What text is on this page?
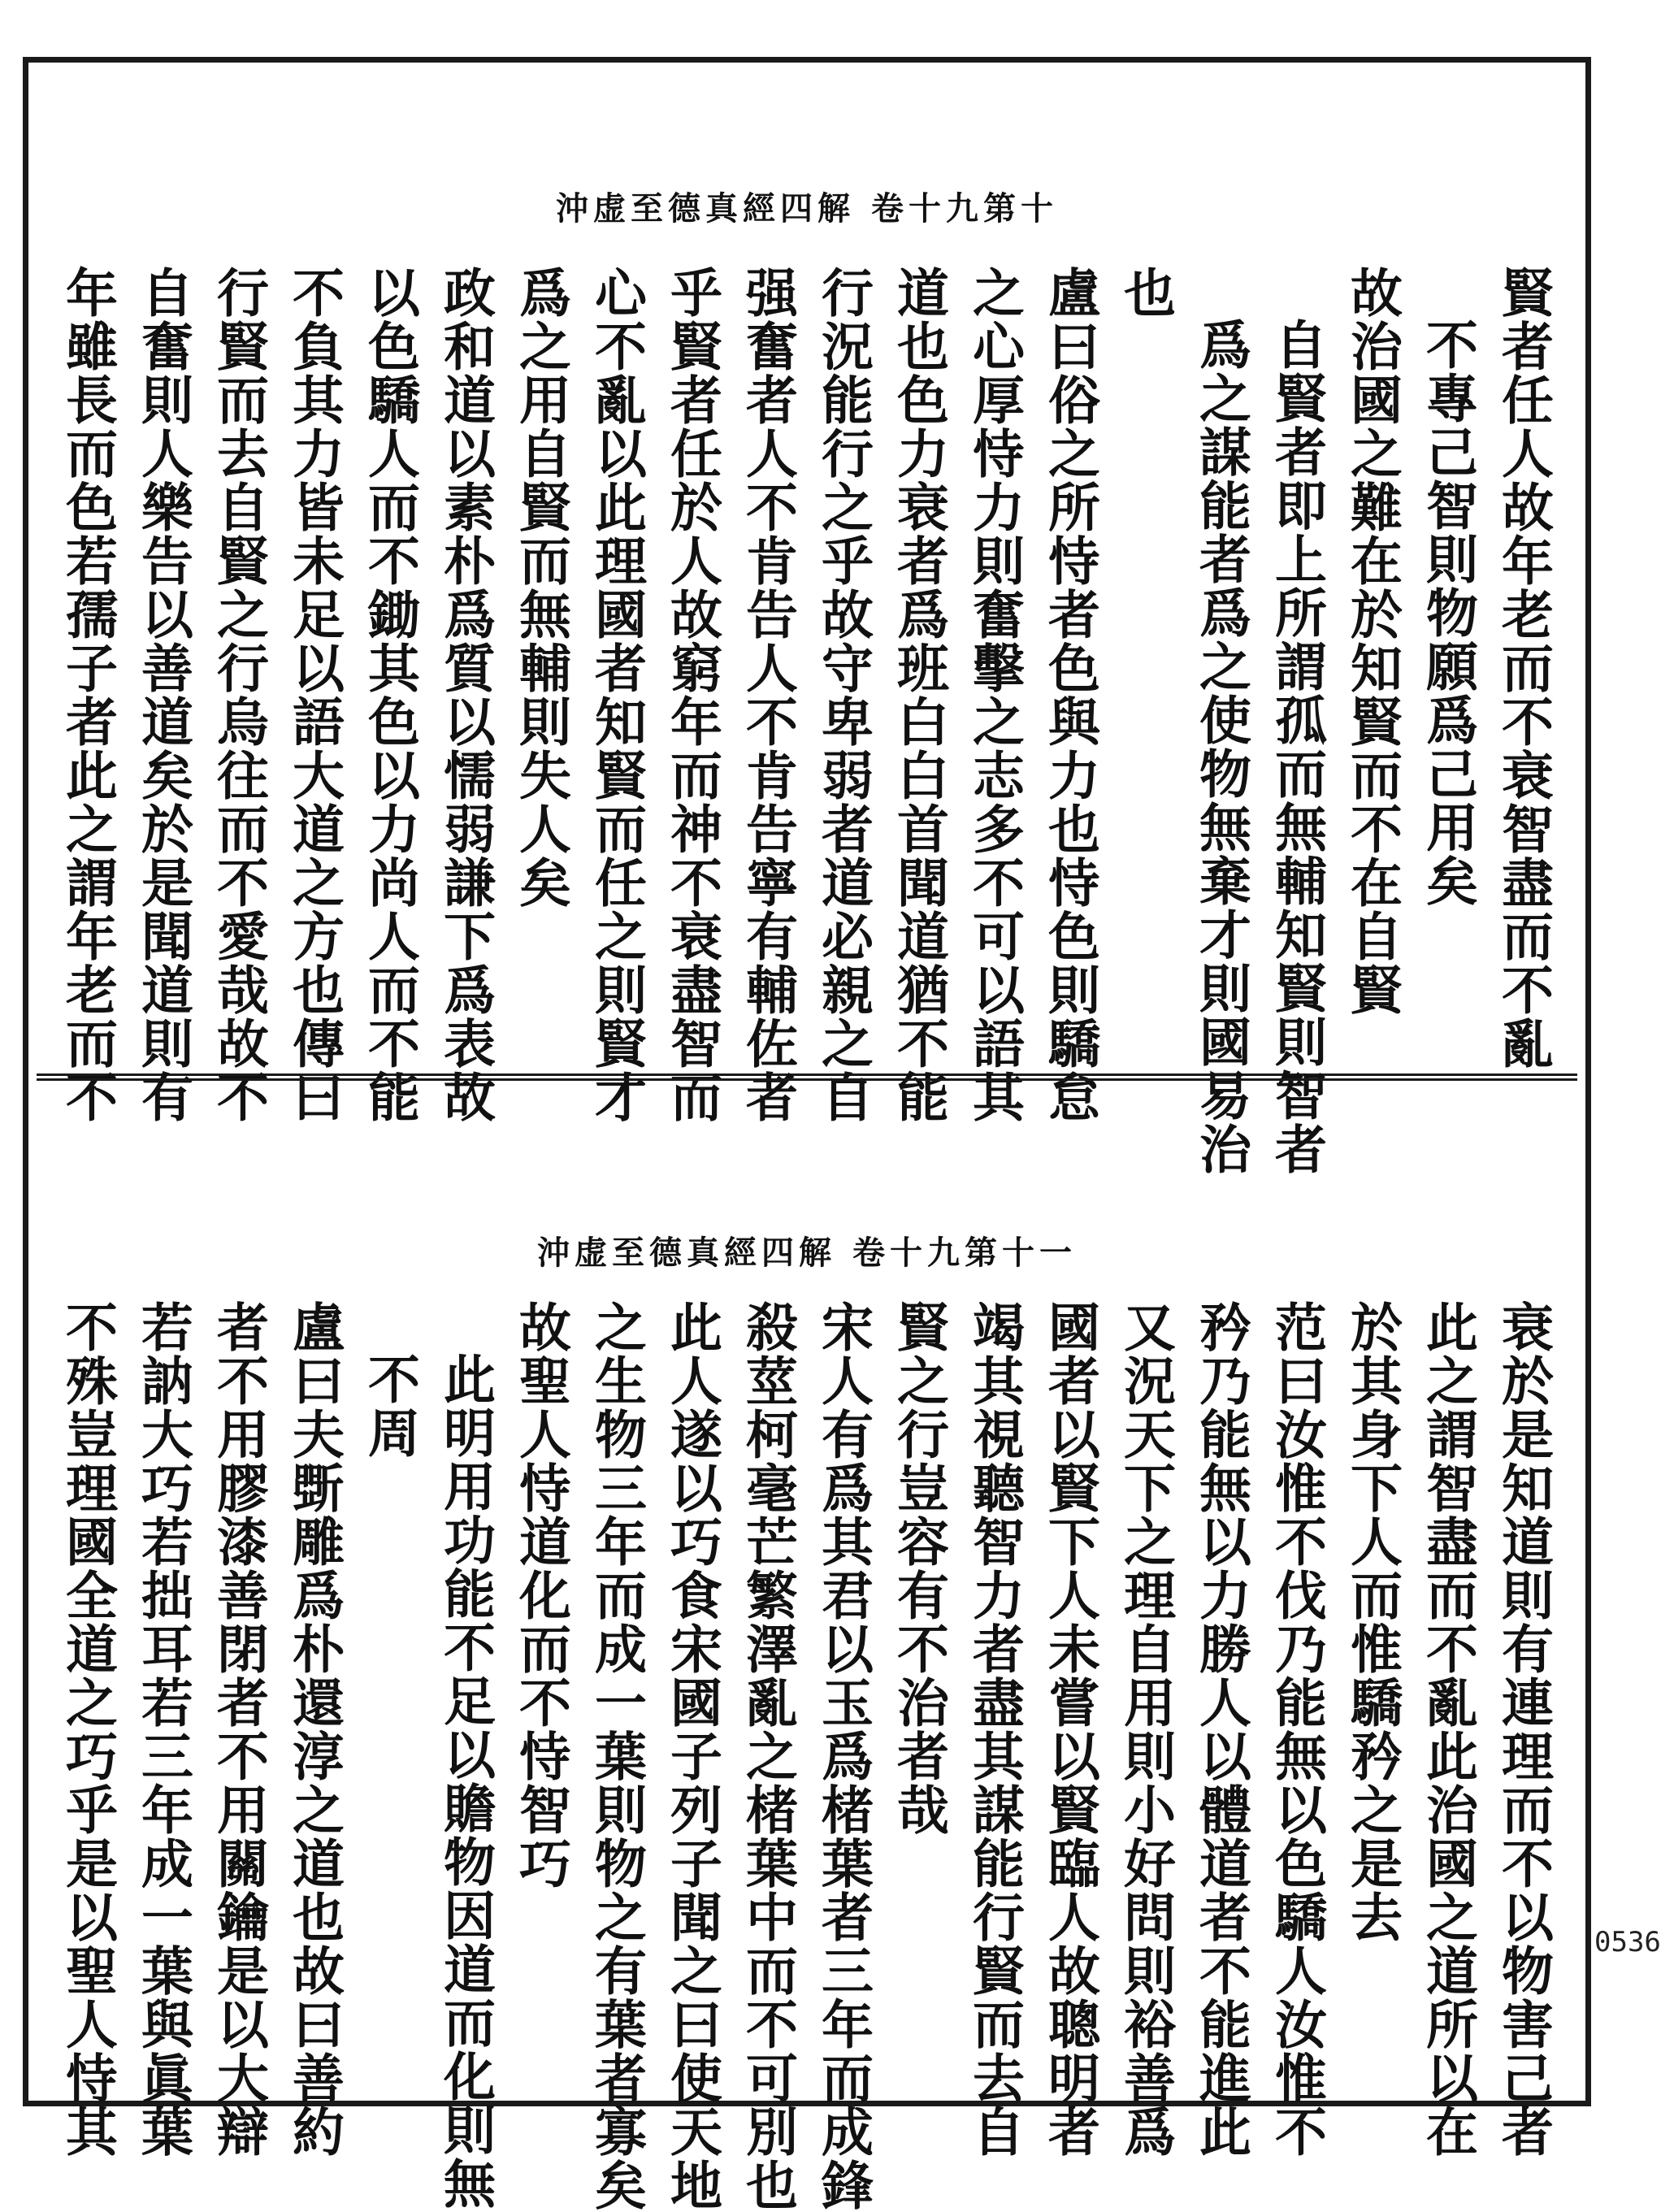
沖虚至德真經四解 卷十九第十
賢者任人故年老而不衰智盡而不亂
不專己智則物願爲己用矣
故治國之難在於知賢而不在自賢
自賢者即上所謂孤而無輔知賢則智者
爲之謀能者爲之使物無棄才則國易治
也
盧曰俗之所恃者色與力也恃色則驕怠
之心厚恃力則奮擊之志多不可以語其
道也色力衰者爲班白白首聞道猶不能
行況能行之乎故守卑弱者道必親之自
强奮者人不肯告人不肯告寧有輔佐者
乎賢者任於人故窮年而神不衰盡智而
心不亂以此理國者知賢而任之則賢才
爲之用自賢而無輔則失人矣
政和道以素朴爲質以懦弱謙下爲表故
以色驕人而不鋤其色以力尚人而不能
不負其力皆未足以語大道之方也傳曰
行賢而去自賢之行烏往而不愛哉故不
自奮則人樂告以善道矣於是聞道則有
年雖長而色若孺子者此之謂年老而不
沖虚至德真經四解 卷十九第十一
衰於是知道則有連理而不以物害己者
此之謂智盡而不亂此治國之道所以在
於其身下人而惟驕矜之是去
范曰汝惟不伐乃能無以色驕人汝惟不
矜乃能無以力勝人以體道者不能進此
又況天下之理自用則小好問則裕善爲
國者以賢下人未嘗以賢臨人故聰明者
竭其視聽智力者盡其謀能行賢而去自
賢之行豈容有不治者哉
宋人有爲其君以玉爲楮葉者三年而成鋒
殺莖柯毫芒繁澤亂之楮葉中而不可別也
此人遂以巧食宋國子列子聞之曰使天地
之生物三年而成一葉則物之有葉者寡矣
故聖人恃道化而不恃智巧
此明用功能不足以贍物因道而化則無
不周
盧曰夫斲雕爲朴還淳之道也故曰善約
者不用膠漆善閉者不用關鑰是以大辯
若訥大巧若拙耳若三年成一葉與眞葉
不殊豈理國全道之巧乎是以聖人恃其	0536
